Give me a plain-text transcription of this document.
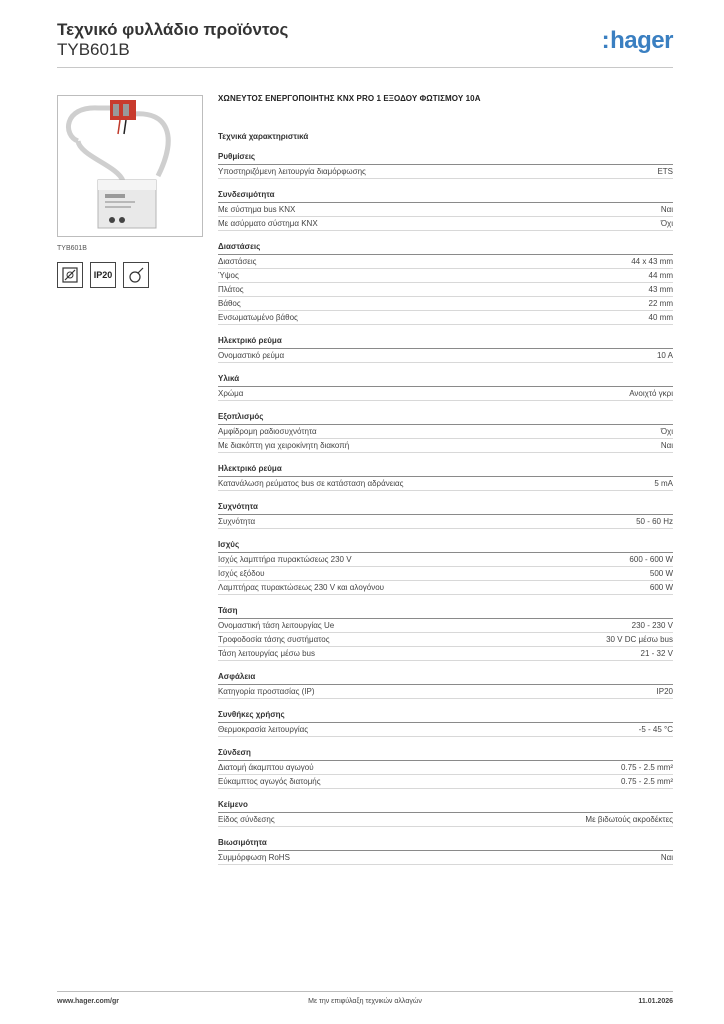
Τεχνικό φυλλάδιο προϊόντος
TYB601B	:hager
TYB601B
IP20
ΧΩΝΕΥΤΟΣ ΕΝΕΡΓΟΠΟΙΗΤΗΣ KNX PRO 1 ΕΞΟΔΟΥ ΦΩΤΙΣΜΟΥ 10A
Τεχνικά χαρακτηριστικά
Ρυθμίσεις
Υποστηριζόμενη λειτουργία διαμόρφωσης	ETS
Συνδεσιμότητα
Με σύστημα bus KNX	Ναι
Με ασύρματο σύστημα KNX	Όχι
Διαστάσεις
Διαστάσεις	44 x 43 mm
Ύψος	44 mm
Πλάτος	43 mm
Βάθος	22 mm
Ενσωματωμένο βάθος	40 mm
Ηλεκτρικό ρεύμα
Ονομαστικό ρεύμα	10 A
Υλικά
Χρώμα	Ανοιχτό γκρι
Εξοπλισμός
Αμφίδρομη ραδιοσυχνότητα	Όχι
Με διακόπτη για χειροκίνητη διακοπή	Ναι
Ηλεκτρικό ρεύμα
Κατανάλωση ρεύματος bus σε κατάσταση αδράνειας	5 mA
Συχνότητα
Συχνότητα	50 - 60 Hz
Ισχύς
Ισχύς λαμπτήρα πυρακτώσεως 230 V	600 - 600 W
Ισχύς εξόδου	500 W
Λαμπτήρας πυρακτώσεως 230 V και αλογόνου	600 W
Τάση
Ονομαστική τάση λειτουργίας Ue	230 - 230 V
Τροφοδοσία τάσης συστήματος	30 V DC μέσω bus
Τάση λειτουργίας μέσω bus	21 - 32 V
Ασφάλεια
Κατηγορία προστασίας (IP)	IP20
Συνθήκες χρήσης
Θερμοκρασία λειτουργίας	-5 - 45 °C
Σύνδεση
Διατομή άκαμπτου αγωγού	0.75 - 2.5 mm²
Εύκαμπτος αγωγός διατομής	0.75 - 2.5 mm²
Κείμενο
Είδος σύνδεσης	Με βιδωτούς ακροδέκτες
Βιωσιμότητα
Συμμόρφωση RoHS	Ναι
www.hager.com/gr	Με την επιφύλαξη τεχνικών αλλαγών	11.01.2026
